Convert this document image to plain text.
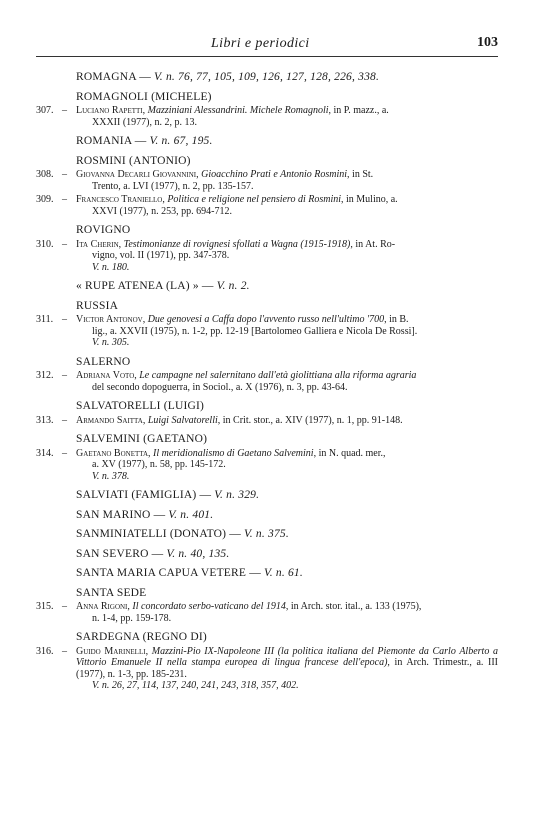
Libri e periodici	103
ROMAGNA — V. n. 76, 77, 105, 109, 126, 127, 128, 226, 338.
ROMAGNOLI (MICHELE)
307. – Luciano Rapetti, Mazziniani Alessandrini. Michele Romagnoli, in P. mazz., a.
XXXII (1977), n. 2, p. 13.
ROMANIA — V. n. 67, 195.
ROSMINI (ANTONIO)
308. – Giovanna Decarli Giovannini, Gioacchino Prati e Antonio Rosmini, in St.
Trento, a. LVI (1977), n. 2, pp. 135-157.
309. – Francesco Traniello, Politica e religione nel pensiero di Rosmini, in Mulino, a.
XXVI (1977), n. 253, pp. 694-712.
ROVIGNO
310. – Ita Cherin, Testimonianze di rovignesi sfollati a Wagna (1915-1918), in At. Ro-
vigno, vol. II (1971), pp. 347-378.
V. n. 180.
« RUPE ATENEA (LA) » — V. n. 2.
RUSSIA
311. – Victor Antonov, Due genovesi a Caffa dopo l'avvento russo nell'ultimo '700, in B.
lig., a. XXVII (1975), n. 1-2, pp. 12-19 [Bartolomeo Galliera e Nicola De Rossi].
V. n. 305.
SALERNO
312. – Adriana Voto, Le campagne nel salernitano dall'età giolittiana alla riforma agraria
del secondo dopoguerra, in Sociol., a. X (1976), n. 3, pp. 43-64.
SALVATORELLI (LUIGI)
313. – Armando Saitta, Luigi Salvatorelli, in Crit. stor., a. XIV (1977), n. 1, pp. 91-148.
SALVEMINI (GAETANO)
314. – Gaetano Bonetta, Il meridionalismo di Gaetano Salvemini, in N. quad. mer.,
a. XV (1977), n. 58, pp. 145-172.
V. n. 378.
SALVIATI (FAMIGLIA) — V. n. 329.
SAN MARINO — V. n. 401.
SANMINIATELLI (DONATO) — V. n. 375.
SAN SEVERO — V. n. 40, 135.
SANTA MARIA CAPUA VETERE — V. n. 61.
SANTA SEDE
315. – Anna Rigoni, Il concordato serbo-vaticano del 1914, in Arch. stor. ital., a. 133 (1975),
n. 1-4, pp. 159-178.
SARDEGNA (REGNO DI)
316. – Guido Marinelli, Mazzini-Pio IX-Napoleone III (la politica italiana del Piemonte da Carlo Alberto a Vittorio Emanuele II nella stampa europea di lingua francese dell'epoca), in Arch. Trimestr., a. III (1977), n. 1-3, pp. 185-231.
V. n. 26, 27, 114, 137, 240, 241, 243, 318, 357, 402.
